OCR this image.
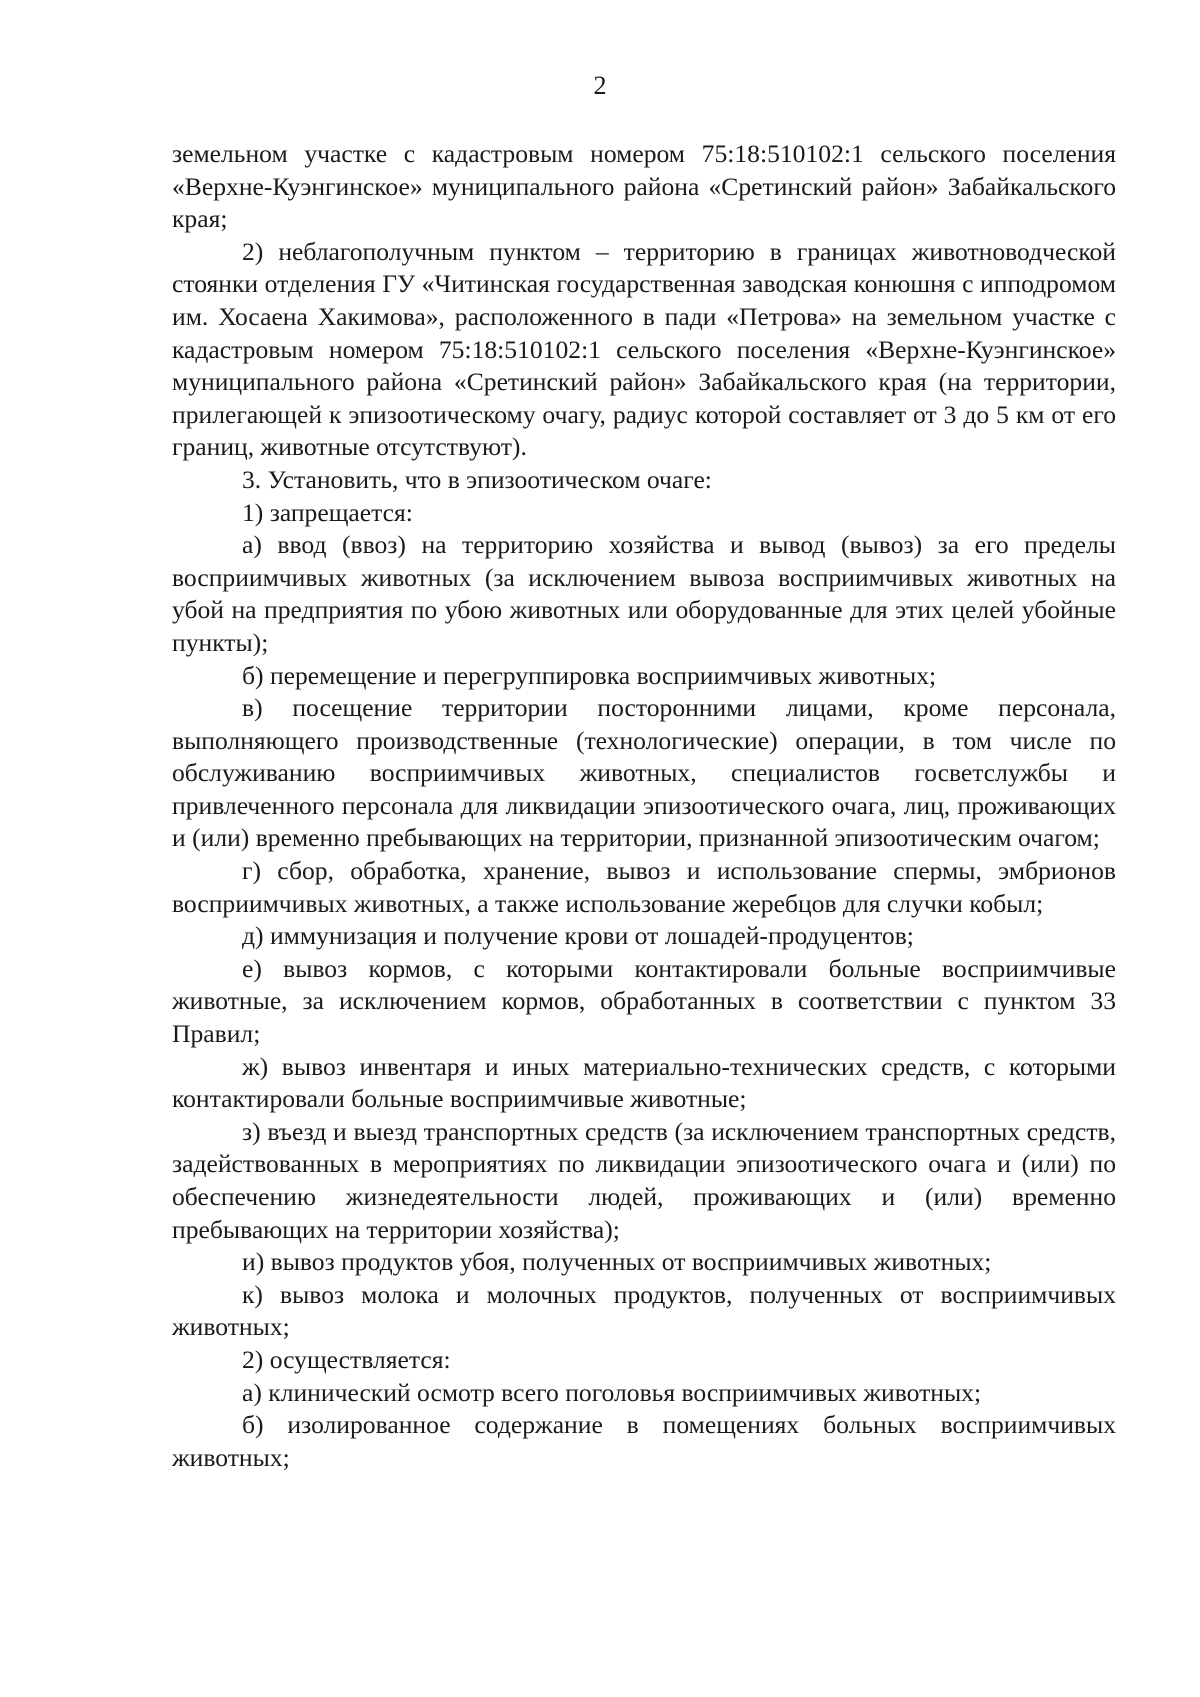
2

земельном участке с кадастровым номером 75:18:510102:1 сельского поселения «Верхне-Куэнгинское» муниципального района «Сретинский район» Забайкальского края;

2) неблагополучным пунктом – территорию в границах животноводческой стоянки отделения ГУ «Читинская государственная заводская конюшня с ипподромом им. Хосаена Хакимова», расположенного в пади «Петрова» на земельном участке с кадастровым номером 75:18:510102:1 сельского поселения «Верхне-Куэнгинское» муниципального района «Сретинский район» Забайкальского края (на территории, прилегающей к эпизоотическому очагу, радиус которой составляет от 3 до 5 км от его границ, животные отсутствуют).

3. Установить, что в эпизоотическом очаге:

1) запрещается:

а) ввод (ввоз) на территорию хозяйства и вывод (вывоз) за его пределы восприимчивых животных (за исключением вывоза восприимчивых животных на убой на предприятия по убою животных или оборудованные для этих целей убойные пункты);

б) перемещение и перегруппировка восприимчивых животных;

в) посещение территории посторонними лицами, кроме персонала, выполняющего производственные (технологические) операции, в том числе по обслуживанию восприимчивых животных, специалистов госветслужбы и привлеченного персонала для ликвидации эпизоотического очага, лиц, проживающих и (или) временно пребывающих на территории, признанной эпизоотическим очагом;

г) сбор, обработка, хранение, вывоз и использование спермы, эмбрионов восприимчивых животных, а также использование жеребцов для случки кобыл;

д) иммунизация и получение крови от лошадей-продуцентов;

е) вывоз кормов, с которыми контактировали больные восприимчивые животные, за исключением кормов, обработанных в соответствии с пунктом 33 Правил;

ж) вывоз инвентаря и иных материально-технических средств, с которыми контактировали больные восприимчивые животные;

з) въезд и выезд транспортных средств (за исключением транспортных средств, задействованных в мероприятиях по ликвидации эпизоотического очага и (или) по обеспечению жизнедеятельности людей, проживающих и (или) временно пребывающих на территории хозяйства);

и) вывоз продуктов убоя, полученных от восприимчивых животных;

к) вывоз молока и молочных продуктов, полученных от восприимчивых животных;

2) осуществляется:

а) клинический осмотр всего поголовья восприимчивых животных;

б) изолированное содержание в помещениях больных восприимчивых животных;
